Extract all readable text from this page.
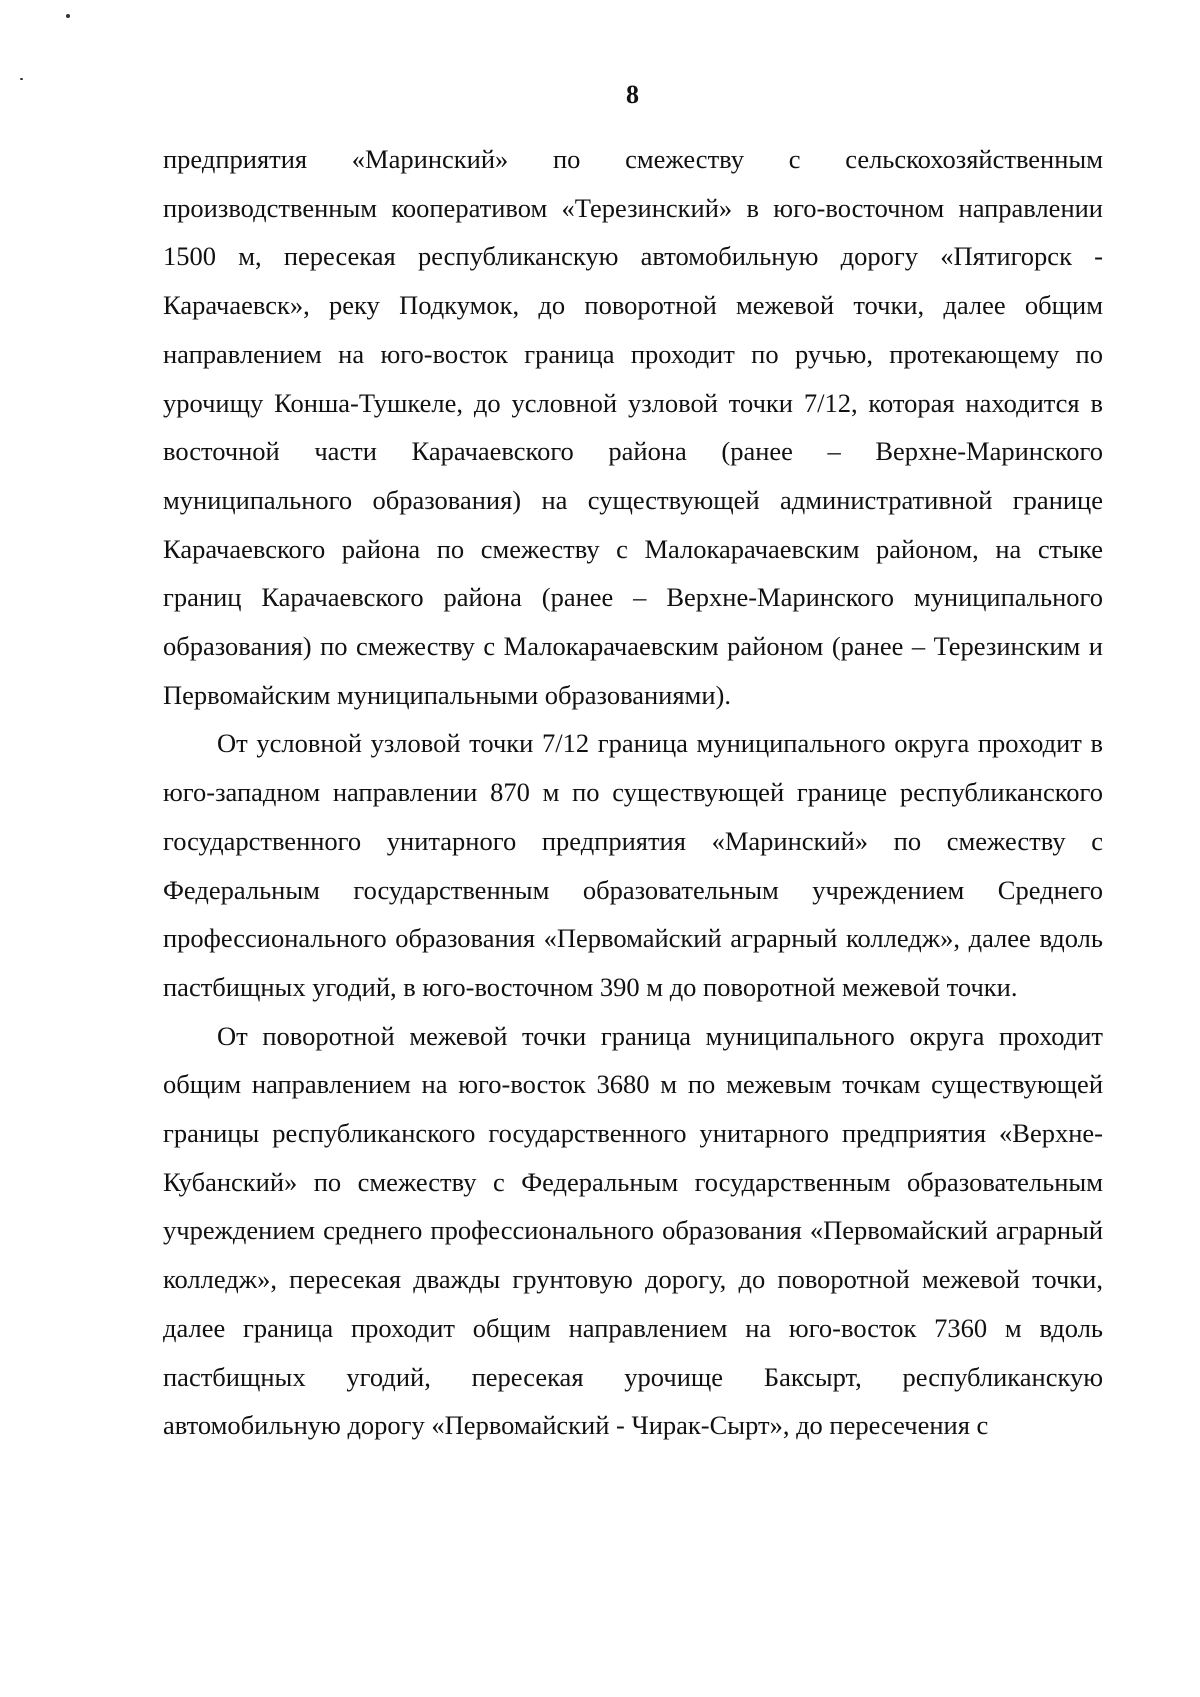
8

предприятия «Маринский» по смежеству с сельскохозяйственным производственным кооперативом «Терезинский» в юго-восточном направлении 1500 м, пересекая республиканскую автомобильную дорогу «Пятигорск - Карачаевск», реку Подкумок, до поворотной межевой точки, далее общим направлением на юго-восток граница проходит по ручью, протекающему по урочищу Конша-Тушкеле, до условной узловой точки 7/12, которая находится в восточной части Карачаевского района (ранее – Верхне-Маринского муниципального образования) на существующей административной границе Карачаевского района по смежеству с Малокарачаевским районом, на стыке границ Карачаевского района (ранее – Верхне-Маринского муниципального образования) по смежеству с Малокарачаевским районом (ранее – Терезинским и Первомайским муниципальными образованиями).

От условной узловой точки 7/12 граница муниципального округа проходит в юго-западном направлении 870 м по существующей границе республиканского государственного унитарного предприятия «Маринский» по смежеству с Федеральным государственным образовательным учреждением Среднего профессионального образования «Первомайский аграрный колледж», далее вдоль пастбищных угодий, в юго-восточном 390 м до поворотной межевой точки.

От поворотной межевой точки граница муниципального округа проходит общим направлением на юго-восток 3680 м по межевым точкам существующей границы республиканского государственного унитарного предприятия «Верхне-Кубанский» по смежеству с Федеральным государственным образовательным учреждением среднего профессионального образования «Первомайский аграрный колледж», пересекая дважды грунтовую дорогу, до поворотной межевой точки, далее граница проходит общим направлением на юго-восток 7360 м вдоль пастбищных угодий, пересекая урочище Баксырт, республиканскую автомобильную дорогу «Первомайский - Чирак-Сырт», до пересечения с
